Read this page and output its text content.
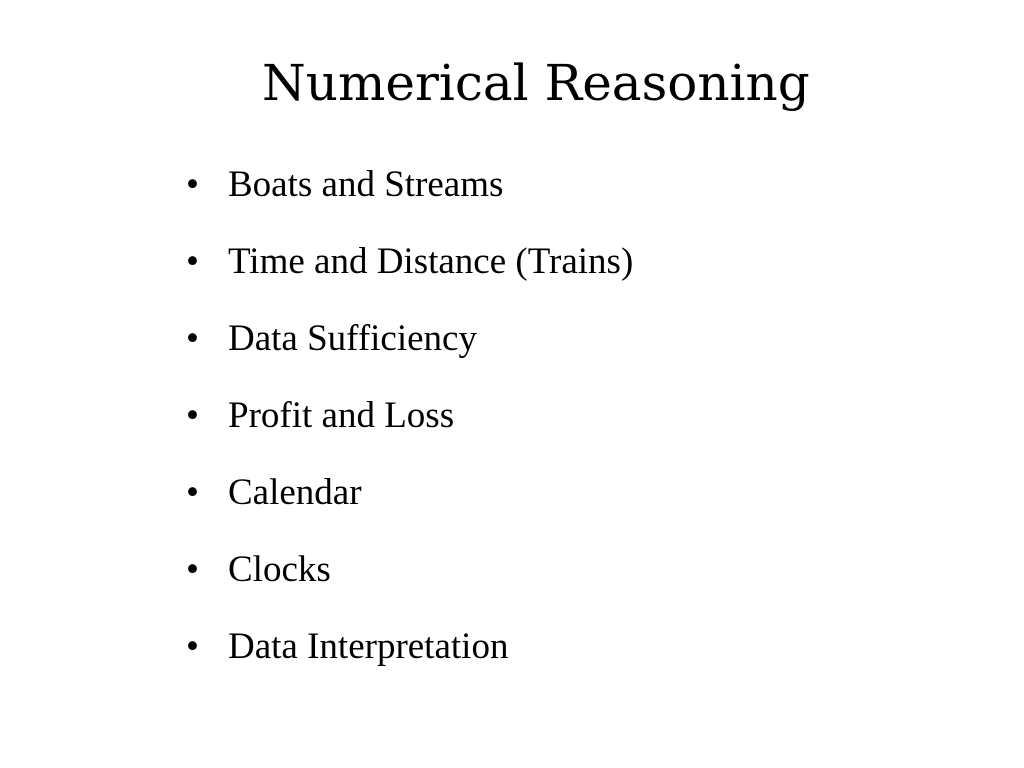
Numerical Reasoning
• Boats and Streams
• Time and Distance (Trains)
• Data Sufficiency
• Profit and Loss
• Calendar
• Clocks
• Data Interpretation
